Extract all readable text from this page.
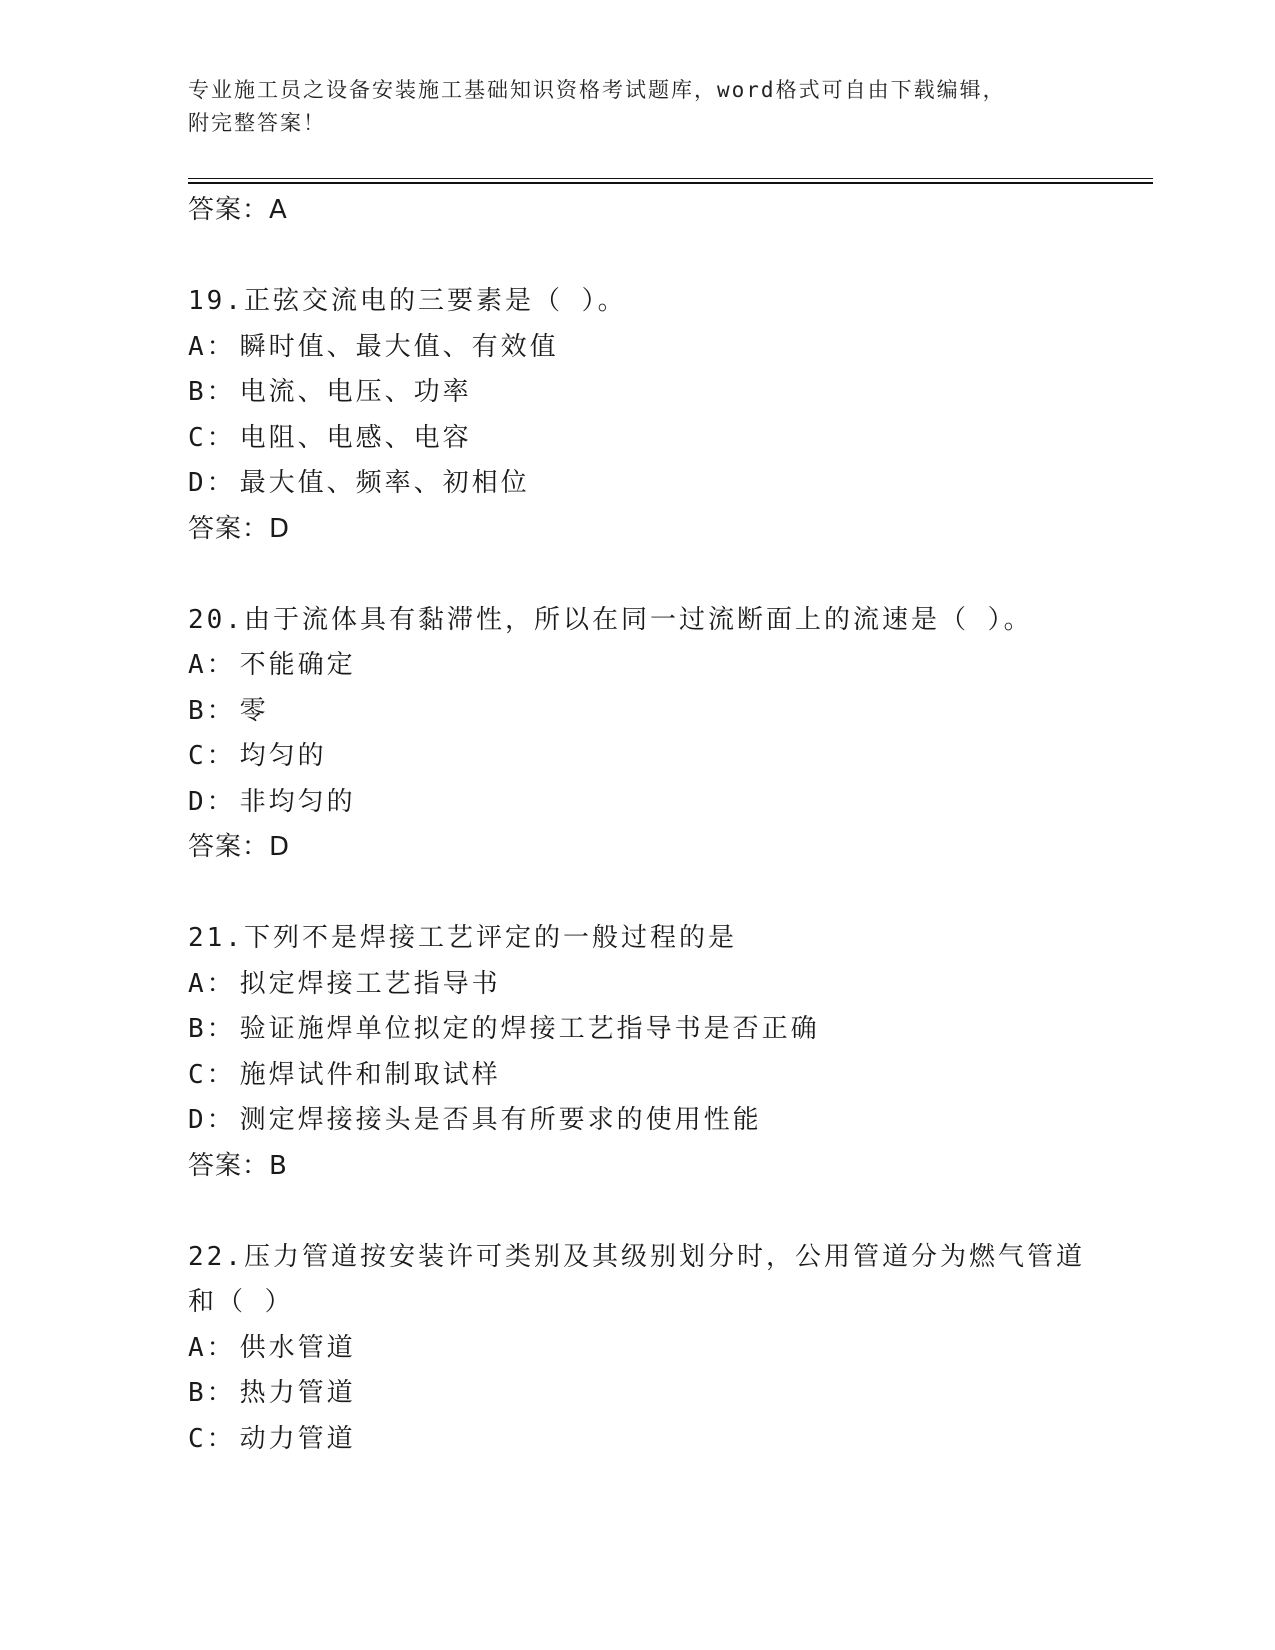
专业施工员之设备安装施工基础知识资格考试题库，word格式可自由下载编辑，
附完整答案！
答案：A
19.正弦交流电的三要素是（ ）。
A： 瞬时值、最大值、有效值
B： 电流、电压、功率
C： 电阻、电感、电容
D： 最大值、频率、初相位
答案：D
20.由于流体具有黏滞性，所以在同一过流断面上的流速是（ ）。
A： 不能确定
B： 零
C： 均匀的
D： 非均匀的
答案：D
21.下列不是焊接工艺评定的一般过程的是
A： 拟定焊接工艺指导书
B： 验证施焊单位拟定的焊接工艺指导书是否正确
C： 施焊试件和制取试样
D： 测定焊接接头是否具有所要求的使用性能
答案：B
22.压力管道按安装许可类别及其级别划分时，公用管道分为燃气管道
和（ ）
A： 供水管道
B： 热力管道
C： 动力管道
